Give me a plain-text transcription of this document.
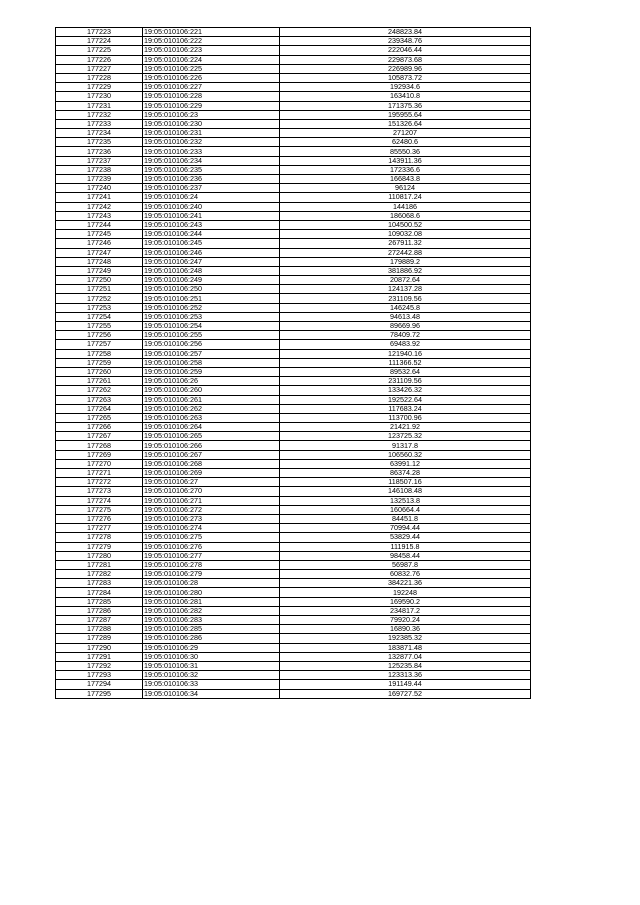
177223	19:05:010106:221	248823.84
177224	19:05:010106:222	239348.76
177225	19:05:010106:223	222046.44
177226	19:05:010106:224	229873.68
177227	19:05:010106:225	226989.96
177228	19:05:010106:226	105873.72
177229	19:05:010106:227	192934.6
177230	19:05:010106:228	163410.8
177231	19:05:010106:229	171375.36
177232	19:05:010106:23	195955.64
177233	19:05:010106:230	151326.64
177234	19:05:010106:231	271207
177235	19:05:010106:232	62480.6
177236	19:05:010106:233	85550.36
177237	19:05:010106:234	143911.36
177238	19:05:010106:235	172336.6
177239	19:05:010106:236	166843.8
177240	19:05:010106:237	96124
177241	19:05:010106:24	110817.24
177242	19:05:010106:240	144186
177243	19:05:010106:241	186068.6
177244	19:05:010106:243	104500.52
177245	19:05:010106:244	109032.08
177246	19:05:010106:245	267911.32
177247	19:05:010106:246	272442.88
177248	19:05:010106:247	179889.2
177249	19:05:010106:248	381886.92
177250	19:05:010106:249	20872.64
177251	19:05:010106:250	124137.28
177252	19:05:010106:251	231109.56
177253	19:05:010106:252	146245.8
177254	19:05:010106:253	94613.48
177255	19:05:010106:254	89669.96
177256	19:05:010106:255	78409.72
177257	19:05:010106:256	69483.92
177258	19:05:010106:257	121940.16
177259	19:05:010106:258	111366.52
177260	19:05:010106:259	89532.64
177261	19:05:010106:26	231109.56
177262	19:05:010106:260	133426.32
177263	19:05:010106:261	192522.64
177264	19:05:010106:262	117683.24
177265	19:05:010106:263	113700.96
177266	19:05:010106:264	21421.92
177267	19:05:010106:265	123725.32
177268	19:05:010106:266	91317.8
177269	19:05:010106:267	106560.32
177270	19:05:010106:268	63991.12
177271	19:05:010106:269	86374.28
177272	19:05:010106:27	118507.16
177273	19:05:010106:270	146108.48
177274	19:05:010106:271	132513.8
177275	19:05:010106:272	160664.4
177276	19:05:010106:273	84451.8
177277	19:05:010106:274	70994.44
177278	19:05:010106:275	53829.44
177279	19:05:010106:276	111915.8
177280	19:05:010106:277	98458.44
177281	19:05:010106:278	56987.8
177282	19:05:010106:279	60832.76
177283	19:05:010106:28	384221.36
177284	19:05:010106:280	192248
177285	19:05:010106:281	169590.2
177286	19:05:010106:282	234817.2
177287	19:05:010106:283	79920.24
177288	19:05:010106:285	16890.36
177289	19:05:010106:286	192385.32
177290	19:05:010106:29	183871.48
177291	19:05:010106:30	132877.04
177292	19:05:010106:31	125235.84
177293	19:05:010106:32	123313.36
177294	19:05:010106:33	191149.44
177295	19:05:010106:34	169727.52
